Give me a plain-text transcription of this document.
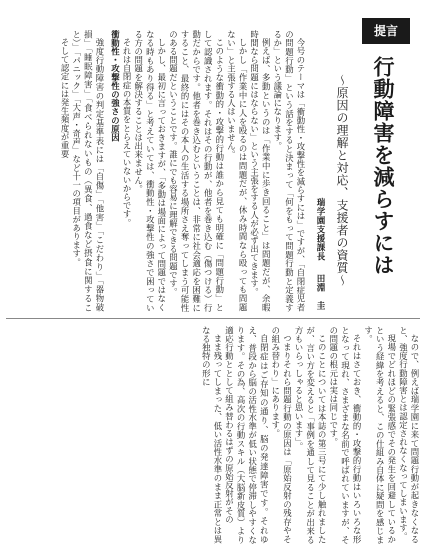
今号のテーマは「衝動性・攻撃性を減らすには」ですが、「自閉症児者の問題行動」という話をすると決まって「何をもって問題行動と定義するか」という議論になります。

例えば、多動というのは「作業中に歩き回ること」は問題だが、余暇時間なら問題にはならない」という主張をする人が必ず出てきます。

しかし「作業中に人を殴るのは問題だが、休み時間なら殴っても問題ない」と主張する人はいません。

このような衝動的・攻撃的行動は誰から見ても明確に「問題行動」として認識されます。それはその行動が、他者を巻き込む（傷つける）行動だからです。他者を巻き込むということは、非常に社会適応を困難にすること、最終的にはその本人の生活する場所さえ奪ってしまう可能性のある問題だということです。誰にでも容易に理解できる問題です。

しかし、最初に言っておきますが、「多動は場面によって問題ではなくなる時もあり得る」と考えていては、衝動性・攻撃性の強さで困っている方の問題を解決することは出来ません。

それは自閉症の本質をとらえていないからです。

衝動性・攻撃性の強さの原因

強度行動障害の判定基準表には「自傷」「他害」「こだわり」「器物破損」「睡眠障害」「食べられないもの（異食、過食など摂食に関すること）」「パニック」「大声・奇声」など十一の項目があります。

そして認定には発生頻度が重要

提言
行動障害を減らすには
〜原因の理解と対応、支援者の資質〜
瑞学園支援課長 田淵　圭

なので、例えば瑞学園に来て問題行動が起きなくなると、強度行動障害とは認定されなくなってしまいます。

現場でどれほどの緊張感でその発生を回避しているかという経緯を考えると、この仕組み自体に疑問を感じます。

それはさておき、衝動的・攻撃的行動はいろいろな形となって現れ、さまざまな名前で呼ばれていますが、その問題の根元は実は同じです。

このことについては本誌の第三号にて少し触れましたが、言い方を変えると「事例を通して見ることが出来る方もいらっしゃると思います」。

つまりそれら問題行動の原因は「原始反射の残存やその組み替わり」にあります。

自閉症はご存知の通り、脳の発達障害です。それゆえ、普段から脳の活性水準が低い状態で停滞しやすくなります。その為、高次の行動スキル（大脳新皮質）より適応行動ととして組み替わるはずの原始反射がその

まま残ってしまった、低い活性水準のまま正常とは異なる独特の形に
